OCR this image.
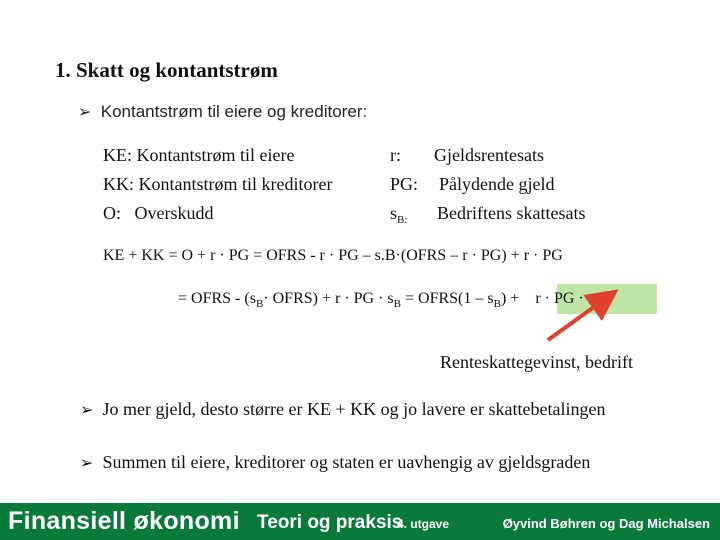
1. Skatt og kontantstrøm
➢ Kontantstrøm til eiere og kreditorer:
KE: Kontantstrøm til eiere
KK: Kontantstrøm til kreditorer
O:   Overskudd
r: Gjeldsrentesats
PG: Pålydende gjeld
$s_{B:}$ Bedriftens skattesats
KE + KK = O + r · PG = OFRS - r · PG – s.B·(OFRS – r · PG) + r · PG
= OFRS - ($s_B\cdot$ OFRS) + r · PG · $s_B$ = OFRS(1 – $s_B) + r$ · PG · $s_B$
Renteskattegevinst, bedrift
➢ Jo mer gjeld, desto større er KE + KK og jo lavere er skattebetalingen
➢ Summen til eiere, kreditorer og staten er uavhengig av gjeldsgraden
Finansiell økonomi Teori og praksis
4. utgave	Øyvind Bøhren og Dag Michalsen
